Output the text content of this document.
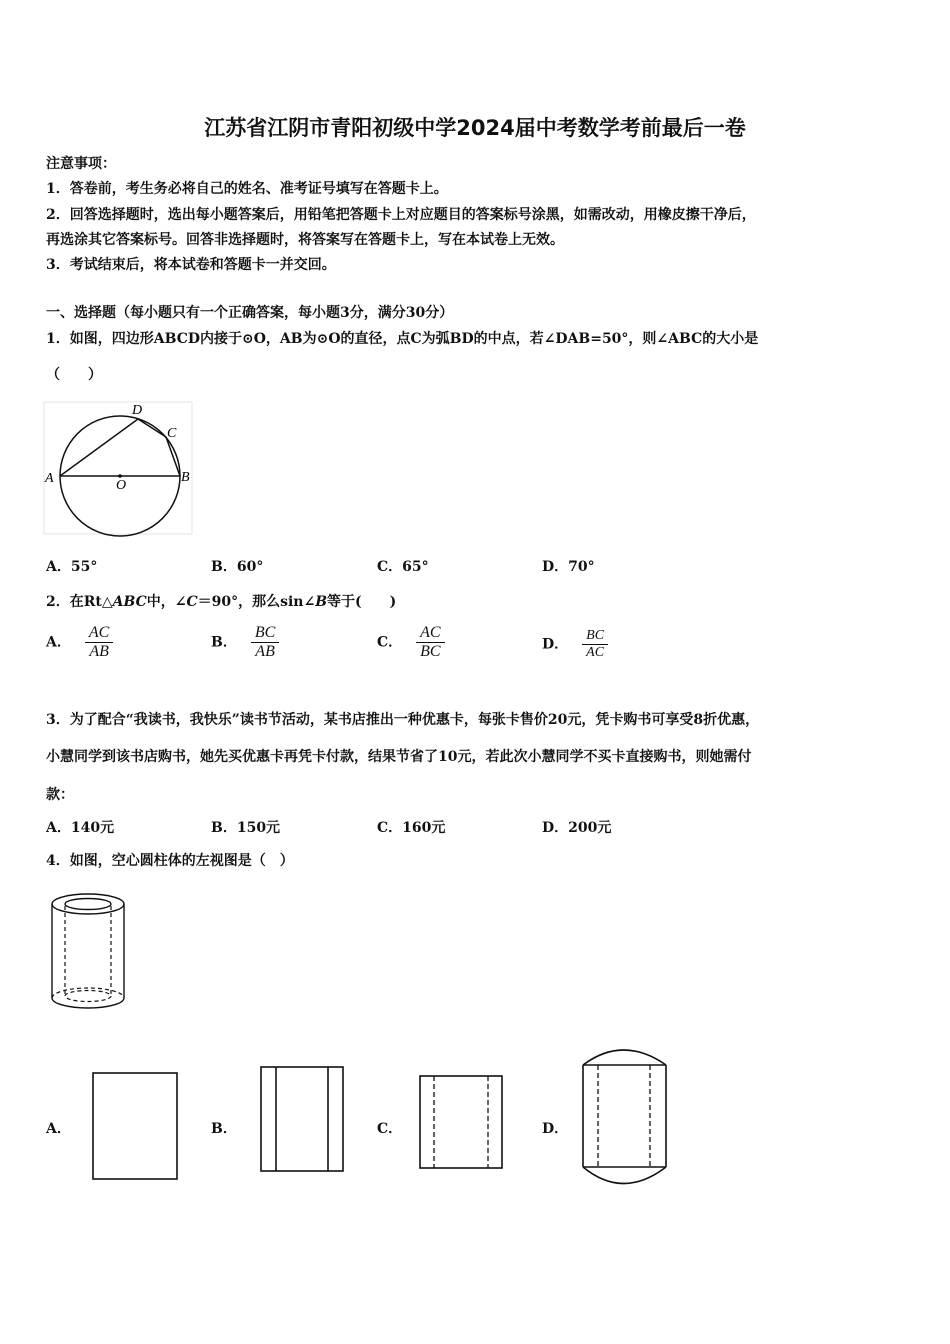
江苏省江阴市青阳初级中学2024届中考数学考前最后一卷
注意事项：
1．答卷前，考生务必将自己的姓名、准考证号填写在答题卡上。
2．回答选择题时，选出每小题答案后，用铅笔把答题卡上对应题目的答案标号涂黑，如需改动，用橡皮擦干净后，
再选涂其它答案标号。回答非选择题时，将答案写在答题卡上，写在本试卷上无效。
3．考试结束后，将本试卷和答题卡一并交回。
一、选择题（每小题只有一个正确答案，每小题3分，满分30分）
1．如图，四边形ABCD内接于⊙O，AB为⊙O的直径，点C为弧BD的中点，若∠DAB=50°，则∠ABC的大小是
（　　）
A	B
C
D
O
A．55°	B．60°	C．65°	D．70°
2．在Rt△ABC中，∠C＝90°，那么sin∠B等于(　　)
A． $\frac{AC}{AB}$	B． $\frac{BC}{AB}$	C． $\frac{AC}{BC}$	D． $\frac{BC}{AC}$
3．为了配合“我读书，我快乐”读书节活动，某书店推出一种优惠卡，每张卡售价20元，凭卡购书可享受8折优惠，
小慧同学到该书店购书，她先买优惠卡再凭卡付款，结果节省了10元，若此次小慧同学不买卡直接购书，则她需付
款：
A．140元	B．150元	C．160元	D．200元
4．如图，空心圆柱体的左视图是（　）
A．	B．	C．	D．
